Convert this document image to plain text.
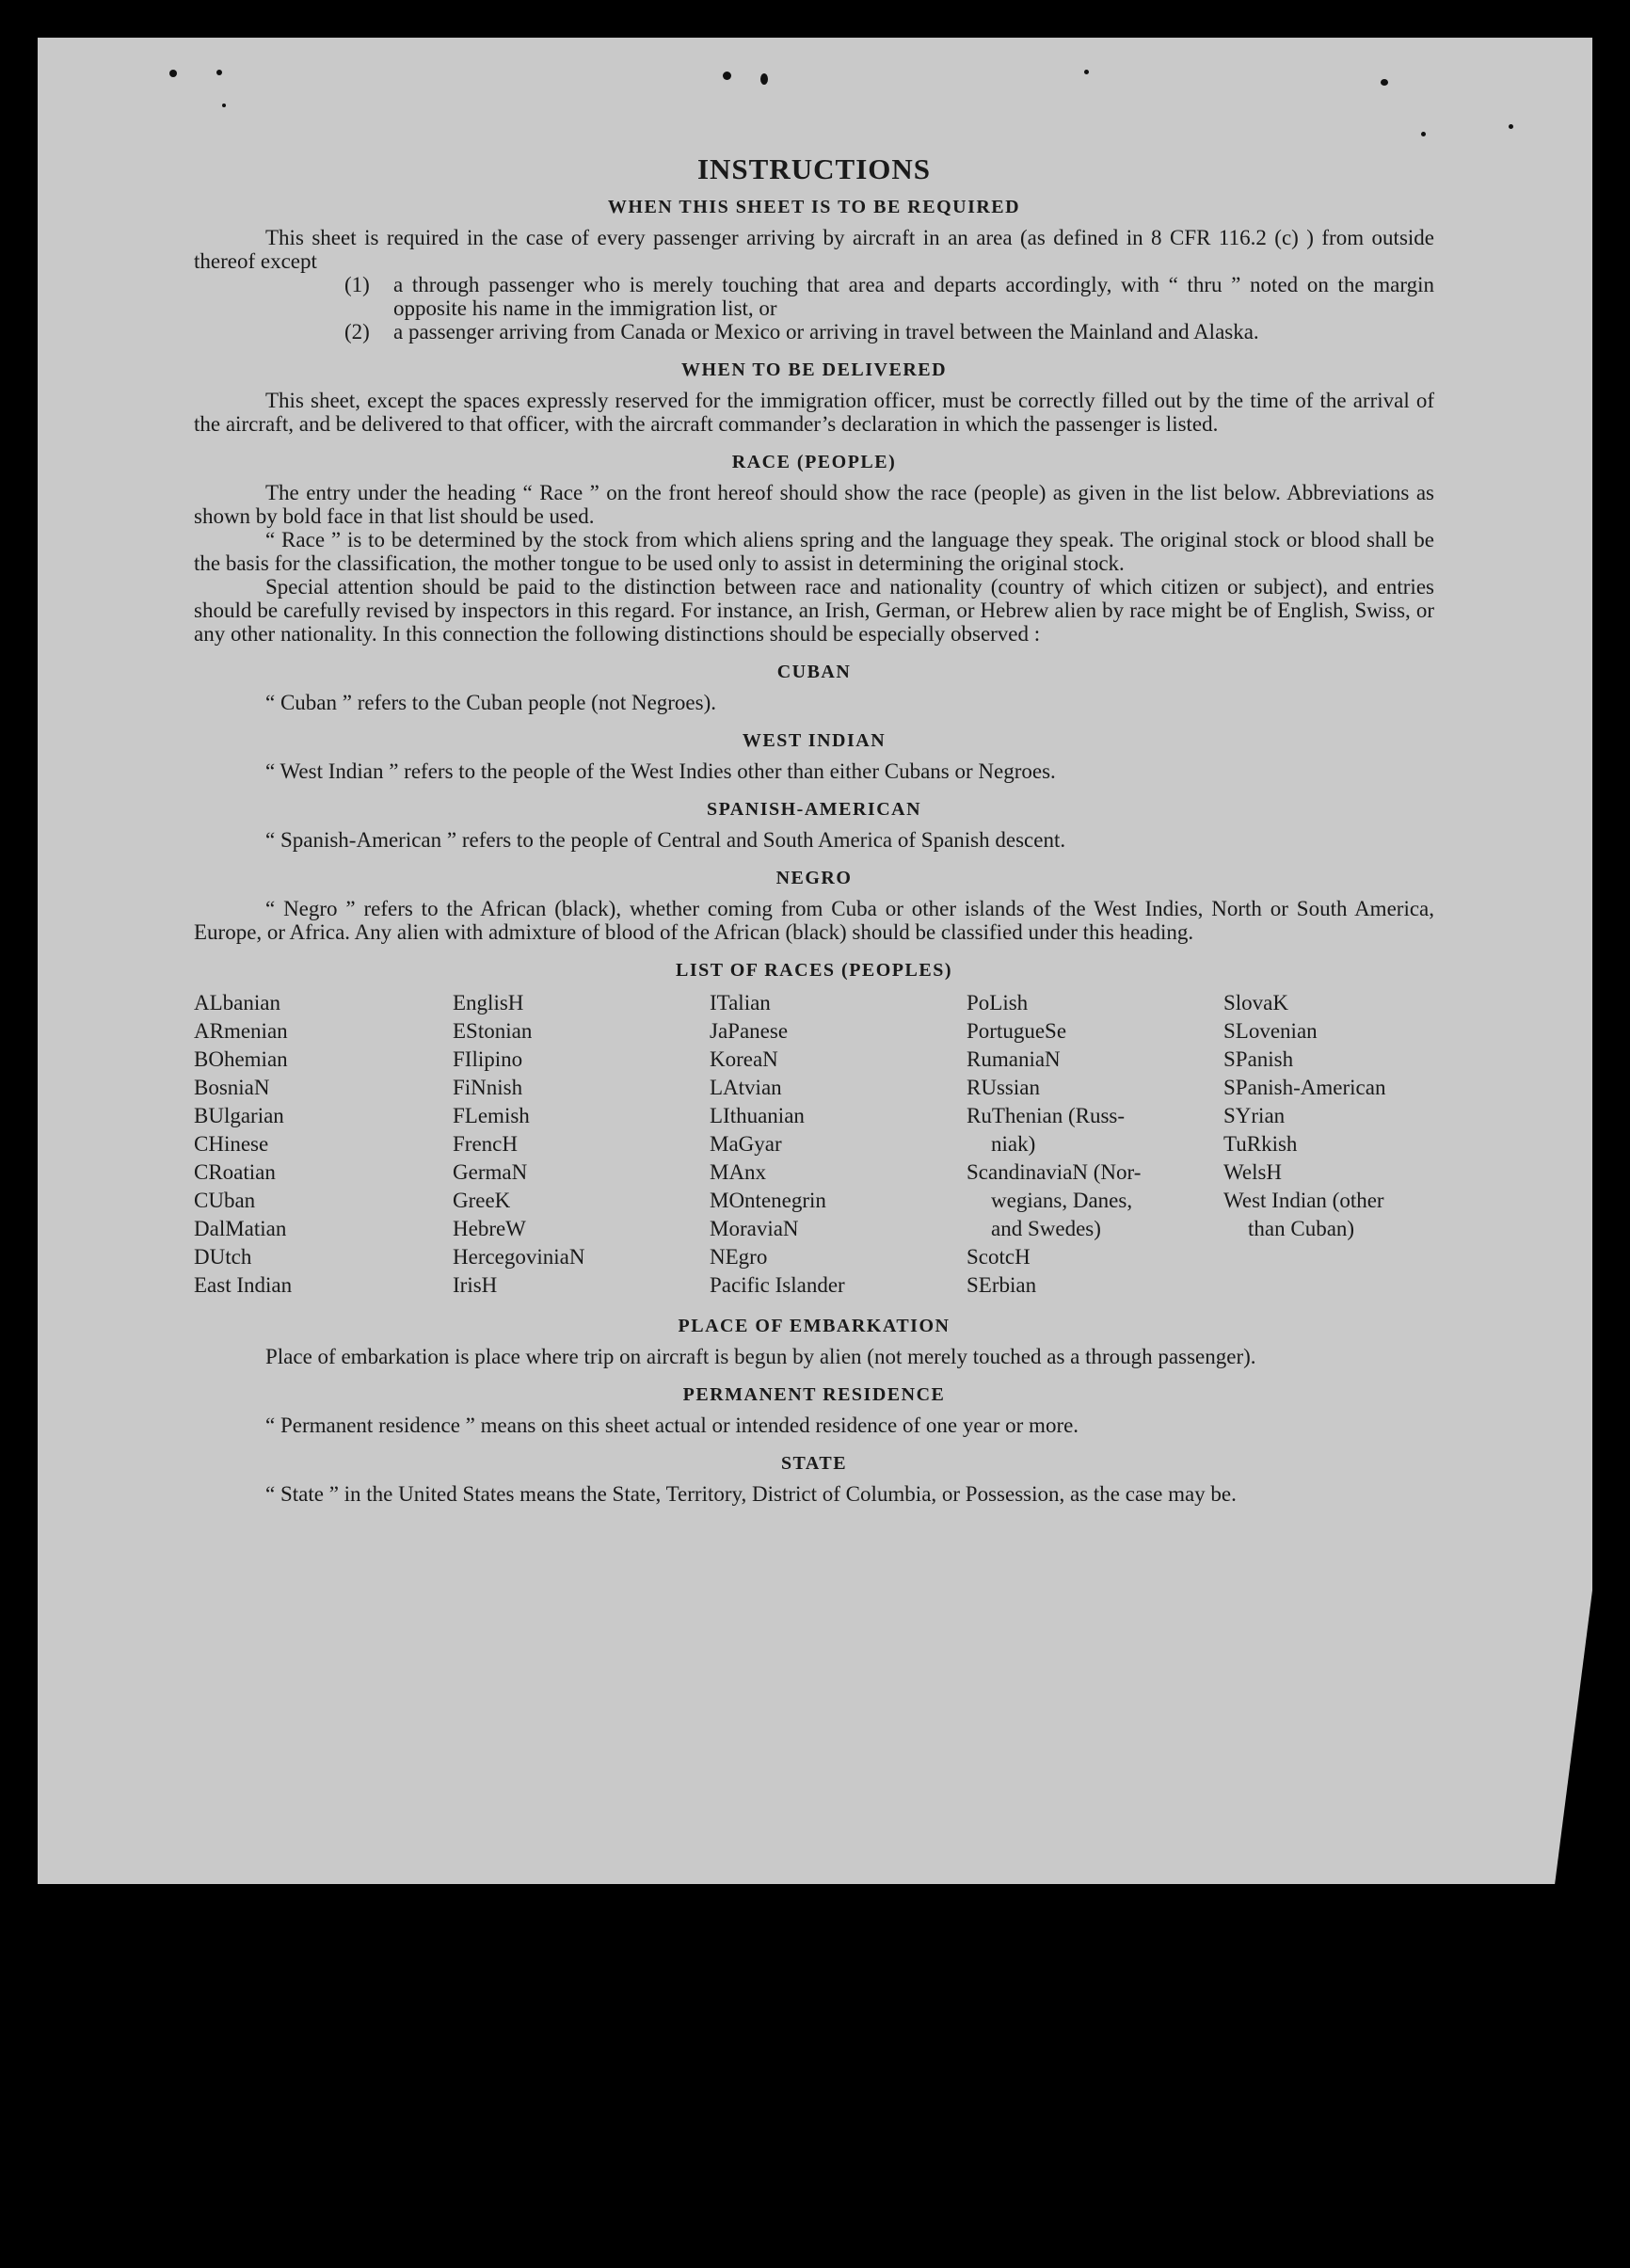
INSTRUCTIONS
WHEN THIS SHEET IS TO BE REQUIRED

This sheet is required in the case of every passenger arriving by aircraft in an area (as defined in 8 CFR 116.2 (c) ) from outside thereof except

(1)	a through passenger who is merely touching that area and departs accordingly, with “ thru ” noted on the margin opposite his name in the immigration list, or
(2)	a passenger arriving from Canada or Mexico or arriving in travel between the Mainland and Alaska.
WHEN TO BE DELIVERED

This sheet, except the spaces expressly reserved for the immigration officer, must be correctly filled out by the time of the arrival of the aircraft, and be delivered to that officer, with the aircraft commander’s declaration in which the passenger is listed.

RACE (PEOPLE)

The entry under the heading “ Race ” on the front hereof should show the race (people) as given in the list below. Abbreviations as shown by bold face in that list should be used.

“ Race ” is to be determined by the stock from which aliens spring and the language they speak. The original stock or blood shall be the basis for the classification, the mother tongue to be used only to assist in determining the original stock.

Special attention should be paid to the distinction between race and nationality (country of which citizen or subject), and entries should be carefully revised by inspectors in this regard. For instance, an Irish, German, or Hebrew alien by race might be of English, Swiss, or any other nationality. In this connection the following distinctions should be especially observed :

CUBAN

“ Cuban ” refers to the Cuban people (not Negroes).

WEST INDIAN

“ West Indian ” refers to the people of the West Indies other than either Cubans or Negroes.

SPANISH-AMERICAN

“ Spanish-American ” refers to the people of Central and South America of Spanish descent.

NEGRO

“ Negro ” refers to the African (black), whether coming from Cuba or other islands of the West Indies, North or South America, Europe, or Africa. Any alien with admixture of blood of the African (black) should be classified under this heading.

LIST OF RACES (PEOPLES)
ALbanian
ARmenian
BOhemian
BosniaN
BUlgarian
CHinese
CRoatian
CUban
DalMatian
DUtch
East Indian
EnglisH
EStonian
FIlipino
FiNnish
FLemish
FrencH
GermaN
GreeK
HebreW
HercegoviniaN
IrisH
ITalian
JaPanese
KoreaN
LAtvian
LIthuanian
MaGyar
MAnx
MOntenegrin
MoraviaN
NEgro
Pacific Islander
PoLish
PortugueSe
RumaniaN
RUssian
RuThenian (Russ-
niak)
ScandinaviaN (Nor-
wegians, Danes,
and Swedes)
ScotcH
SErbian
SlovaK
SLovenian
SPanish
SPanish-American
SYrian
TuRkish
WelsH
West Indian (other
than Cuban)
PLACE OF EMBARKATION

Place of embarkation is place where trip on aircraft is begun by alien (not merely touched as a through passenger).

PERMANENT RESIDENCE

“ Permanent residence ” means on this sheet actual or intended residence of one year or more.

STATE

“ State ” in the United States means the State, Territory, District of Columbia, or Possession, as the case may be.
